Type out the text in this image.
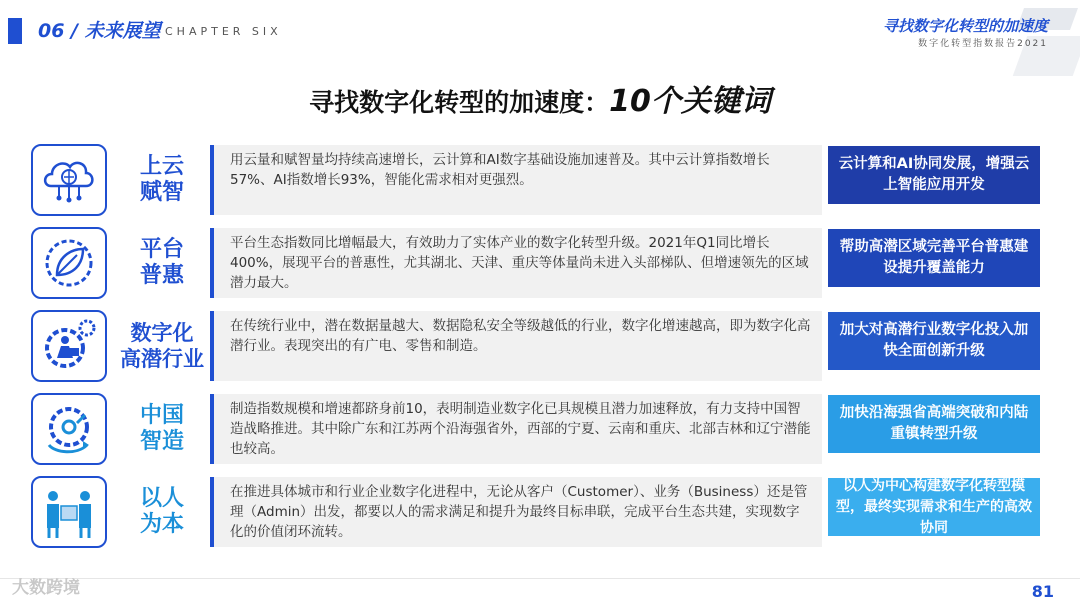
06 / 未来展望 CHAPTER SIX	寻找数字化转型的加速度
数字化转型指数报告2021
寻找数字化转型的加速度：10个关键词
上云
赋智
用云量和赋智量均持续高速增长，云计算和AI数字基础设施加速普及。其中云计算指数增长57%、AI指数增长93%，智能化需求相对更强烈。
云计算和AI协同发展，增强云上智能应用开发
平台
普惠
平台生态指数同比增幅最大，有效助力了实体产业的数字化转型升级。2021年Q1同比增长400%，展现平台的普惠性，尤其湖北、天津、重庆等体量尚未进入头部梯队、但增速领先的区域潜力最大。
帮助高潜区域完善平台普惠建设提升覆盖能力
数字化
高潜行业
在传统行业中，潜在数据量越大、数据隐私安全等级越低的行业，数字化增速越高，即为数字化高潜行业。表现突出的有广电、零售和制造。
加大对高潜行业数字化投入加快全面创新升级
中国
智造
制造指数规模和增速都跻身前10，表明制造业数字化已具规模且潜力加速释放，有力支持中国智造战略推进。其中除广东和江苏两个沿海强省外，西部的宁夏、云南和重庆、北部吉林和辽宁潜能也较高。
加快沿海强省高端突破和内陆重镇转型升级
以人
为本
在推进具体城市和行业企业数字化进程中，无论从客户（Customer）、业务（Business）还是管理（Admin）出发，都要以人的需求满足和提升为最终目标串联，完成平台生态共建，实现数字化的价值闭环流转。
以人为中心构建数字化转型模型，最终实现需求和生产的高效协同
大数跨境	81
